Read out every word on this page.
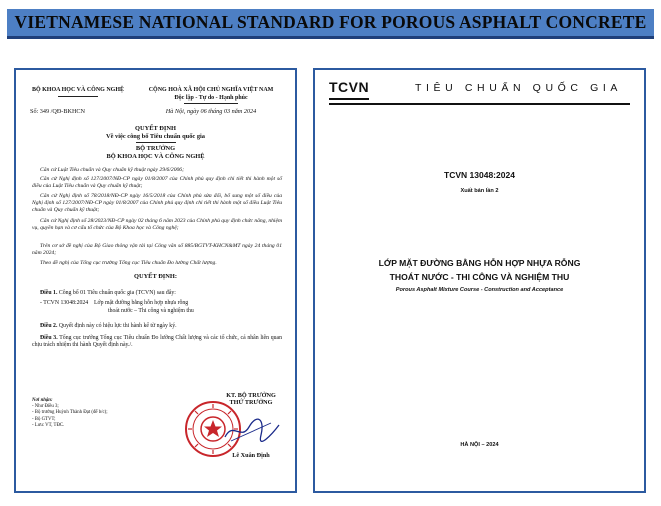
VIETNAMESE NATIONAL STANDARD FOR POROUS ASPHALT CONCRETE
BỘ KHOA HỌC VÀ CÔNG NGHỆ	CỘNG HOÀ XÃ HỘI CHỦ NGHĨA VIỆT NAM
Độc lập - Tự do - Hạnh phúc
Số: 349 /QĐ-BKHCN	Hà Nội, ngày 06 tháng 03 năm 2024
QUYẾT ĐỊNH
Về việc công bố Tiêu chuẩn quốc gia
BỘ TRƯỞNG
BỘ KHOA HỌC VÀ CÔNG NGHỆ
Căn cứ Luật Tiêu chuẩn và Quy chuẩn kỹ thuật ngày 29/6/2006;
Căn cứ Nghị định số 127/2007/NĐ-CP ngày 01/8/2007 của Chính phủ quy định chi tiết thi hành một số điều của Luật Tiêu chuẩn và Quy chuẩn kỹ thuật;
Căn cứ Nghị định số 78/2018/NĐ-CP ngày 16/5/2018 của Chính phủ sửa đổi, bổ sung một số điều của Nghị định số 127/2007/NĐ-CP ngày 01/8/2007 của Chính phủ quy định chi tiết thi hành một số điều Luật Tiêu chuẩn và Quy chuẩn kỹ thuật;
Căn cứ Nghị định số 28/2023/NĐ-CP ngày 02 tháng 6 năm 2023 của Chính phủ quy định chức năng, nhiệm vụ, quyền hạn và cơ cấu tổ chức của Bộ Khoa học và Công nghệ;
Trên cơ sở đề nghị của Bộ Giao thông vận tải tại Công văn số 885/BGTVT-KHCN&MT ngày 24 tháng 01 năm 2024;
Theo đề nghị của Tổng cục trưởng Tổng cục Tiêu chuẩn Đo lường Chất lượng.
QUYẾT ĐỊNH:
Điều 1. Công bố 01 Tiêu chuẩn quốc gia (TCVN) sau đây:
- TCVN 13048:2024 Lớp mặt đường bằng hỗn hợp nhựa rỗng
thoát nước – Thi công và nghiệm thu
Điều 2. Quyết định này có hiệu lực thi hành kể từ ngày ký.
Điều 3. Tổng cục trưởng Tổng cục Tiêu chuẩn Đo lường Chất lượng và các tổ chức, cá nhân liên quan chịu trách nhiệm thi hành Quyết định này./.
Nơi nhận:
- Như Điều 3;
- Bộ trưởng Huỳnh Thành Đạt (để b/c);
- Bộ GTVT;
- Lưu: VT, TĐC.
KT. BỘ TRƯỞNG
THỨ TRƯỞNG
Lê Xuân Định
TCVN	TIÊU CHUẨN QUỐC GIA
TCVN 13048:2024
Xuất bản lần 2
LỚP MẶT ĐƯỜNG BẰNG HỖN HỢP NHỰA RỖNG
THOÁT NƯỚC - THI CÔNG VÀ NGHIỆM THU
Porous Asphalt Mixture Course - Construction and Acceptance
HÀ NỘI – 2024
